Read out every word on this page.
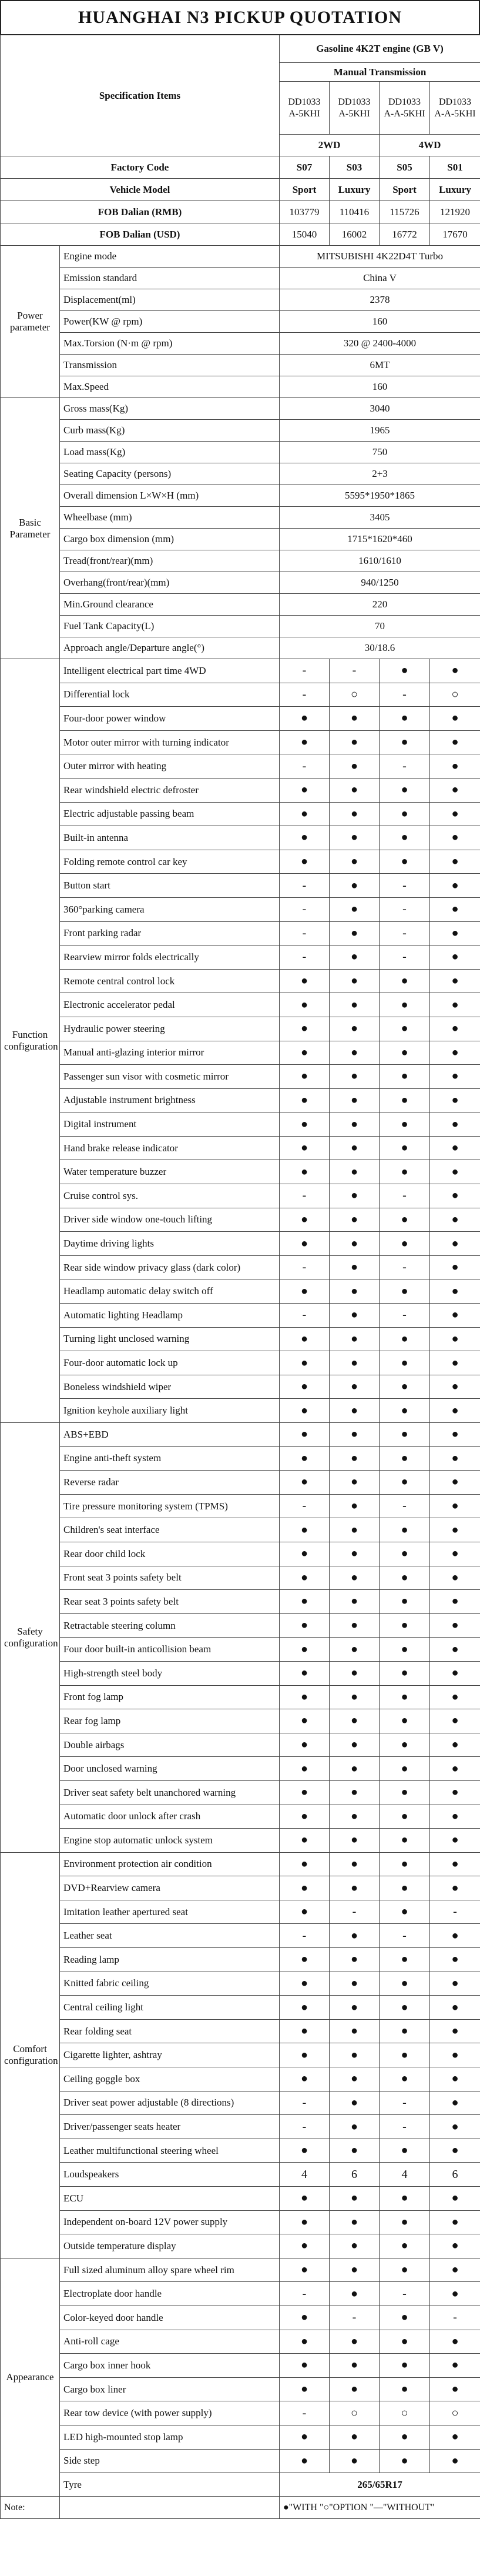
HUANGHAI N3 PICKUP QUOTATION
Specification Items		Gasoline 4K2T engine (GB V)			
		Manual Transmission			
		DD1033 A-5KHI	DD1033 A-5KHI	DD1033 A-A-5KHI	DD1033 A-A-5KHI
		2WD		4WD	
Factory Code		S07	S03	S05	S01
Vehicle Model		Sport	Luxury	Sport	Luxury
FOB Dalian (RMB)		103779	110416	115726	121920
FOB Dalian (USD)		15040	16002	16772	17670
Power parameter	Engine mode	MITSUBISHI 4K22D4T Turbo			
	Emission standard	China V			
	Displacement(ml)	2378			
	Power(KW @ rpm)	160			
	Max.Torsion (N·m @ rpm)	320 @ 2400-4000			
	Transmission	6MT			
	Max.Speed	160			
Basic Parameter	Gross mass(Kg)	3040			
	Curb mass(Kg)	1965			
	Load mass(Kg)	750			
	Seating Capacity (persons)	2+3			
	Overall dimension L×W×H (mm)	5595*1950*1865			
	Wheelbase (mm)	3405			
	Cargo box dimension (mm)	1715*1620*460			
	Tread(front/rear)(mm)	1610/1610			
	Overhang(front/rear)(mm)	940/1250			
	Min.Ground clearance	220			
	Fuel Tank Capacity(L)	70			
	Approach angle/Departure angle(°)	30/18.6			
Function configuration	Intelligent electrical part time 4WD	-	-	●	●
	Differential lock	-	○	-	○
	Four-door power window	●	●	●	●
	Motor outer mirror with turning indicator	●	●	●	●
	Outer mirror with heating	-	●	-	●
	Rear windshield electric defroster	●	●	●	●
	Electric adjustable passing beam	●	●	●	●
	Built-in antenna	●	●	●	●
	Folding remote control car key	●	●	●	●
	Button start	-	●	-	●
	360°parking camera	-	●	-	●
	Front parking radar	-	●	-	●
	Rearview mirror folds electrically	-	●	-	●
	Remote central control lock	●	●	●	●
	Electronic accelerator pedal	●	●	●	●
	Hydraulic power steering	●	●	●	●
	Manual anti-glazing interior mirror	●	●	●	●
	Passenger sun visor with cosmetic mirror	●	●	●	●
	Adjustable instrument brightness	●	●	●	●
	Digital instrument	●	●	●	●
	Hand brake release indicator	●	●	●	●
	Water temperature buzzer	●	●	●	●
	Cruise control sys.	-	●	-	●
	Driver side window one-touch lifting	●	●	●	●
	Daytime driving lights	●	●	●	●
	Rear side window privacy glass (dark color)	-	●	-	●
	Headlamp automatic delay switch off	●	●	●	●
	Automatic lighting Headlamp	-	●	-	●
	Turning light unclosed warning	●	●	●	●
	Four-door automatic lock up	●	●	●	●
	Boneless windshield wiper	●	●	●	●
	Ignition keyhole auxiliary light	●	●	●	●
Safety configuration	ABS+EBD	●	●	●	●
	Engine anti-theft system	●	●	●	●
	Reverse radar	●	●	●	●
	Tire pressure monitoring system (TPMS)	-	●	-	●
	Children's seat interface	●	●	●	●
	Rear door child lock	●	●	●	●
	Front seat 3 points safety belt	●	●	●	●
	Rear seat 3 points safety belt	●	●	●	●
	Retractable steering column	●	●	●	●
	Four door built-in anticollision beam	●	●	●	●
	High-strength steel body	●	●	●	●
	Front fog lamp	●	●	●	●
	Rear fog lamp	●	●	●	●
	Double airbags	●	●	●	●
	Door unclosed warning	●	●	●	●
	Driver seat safety belt unanchored warning	●	●	●	●
	Automatic door unlock after crash	●	●	●	●
	Engine stop automatic unlock system	●	●	●	●
Comfort configuration	Environment protection air condition	●	●	●	●
	DVD+Rearview camera	●	●	●	●
	Imitation leather apertured seat	●	-	●	-
	Leather seat	-	●	-	●
	Reading lamp	●	●	●	●
	Knitted fabric ceiling	●	●	●	●
	Central ceiling light	●	●	●	●
	Rear folding seat	●	●	●	●
	Cigarette lighter, ashtray	●	●	●	●
	Ceiling goggle box	●	●	●	●
	Driver seat power adjustable (8 directions)	-	●	-	●
	Driver/passenger seats heater	-	●	-	●
	Leather multifunctional steering wheel	●	●	●	●
	Loudspeakers	4	6	4	6
	ECU	●	●	●	●
	Independent on-board 12V power supply	●	●	●	●
	Outside temperature display	●	●	●	●
Appearance	Full sized aluminum alloy spare wheel rim	●	●	●	●
	Electroplate door handle	-	●	-	●
	Color-keyed door handle	●	-	●	-
	Anti-roll cage	●	●	●	●
	Cargo box inner hook	●	●	●	●
	Cargo box liner	●	●	●	●
	Rear tow device (with power supply)	-	○	○	○
	LED high-mounted stop lamp	●	●	●	●
	Side step	●	●	●	●
	Tyre	265/65R17			
Note:		●"WITH "○"OPTION "—"WITHOUT"			
